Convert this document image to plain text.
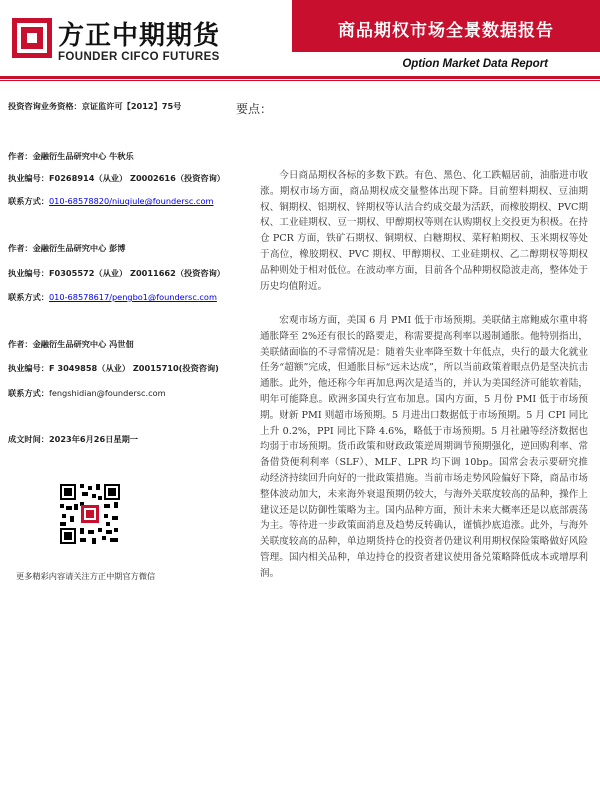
方正中期期货
FOUNDER CIFCO FUTURES
商品期权市场全景数据报告
Option Market Data Report
投资咨询业务资格：京证监许可【2012】75号
作者：金融衍生品研究中心 牛秋乐
执业编号：F0268914（从业） Z0002616（投资咨询）
联系方式：010-68578820/niuqiule@foundersc.com
作者：金融衍生品研究中心 彭博
执业编号：F0305572（从业） Z0011662（投资咨询）
联系方式：010-68578617/pengbo1@foundersc.com
作者：金融衍生品研究中心 冯世佃
执业编号：F 3049858（从业） Z0015710(投资咨询)
联系方式：fengshidian@foundersc.com
成文时间：2023年6月26日星期一
更多精彩内容请关注方正中期官方微信
要点：

今日商品期权各标的多数下跌。有色、黑色、化工跌幅居前，油脂进市收涨。期权市场方面，商品期权成交量整体出现下降。目前塑料期权、豆油期权、铜期权、铝期权、锌期权等认沽合约成交最为活跃，而橡胶期权、PVC期权、工业硅期权、豆一期权、甲醇期权等则在认购期权上交投更为积极。在持仓 PCR 方面，铁矿石期权、铜期权、白糖期权、菜籽粕期权、玉米期权等处于高位，橡胶期权、PVC 期权、甲醇期权、工业硅期权、乙二醇期权等期权品种则处于相对低位。在波动率方面，目前各个品种期权隐波走高，整体处于历史均值附近。

宏观市场方面，美国 6 月 PMI 低于市场预期。美联储主席鲍威尔重申将通胀降至 2%还有很长的路要走，称需要提高利率以遏制通胀。他特别指出，美联储面临的不寻常情况是：随着失业率降至数十年低点，央行的最大化就业任务“超额”完成，但通胀目标“远未达成”，所以当前政策着眼点仍是坚决抗击通胀。此外，他还称今年再加息两次是适当的，并认为美国经济可能软着陆，明年可能降息。欧洲多国央行宣布加息。国内方面，5 月份 PMI 低于市场预期。财新 PMI 则超市场预期。5 月进出口数据低于市场预期。5 月 CPI 同比上升 0.2%，PPI 同比下降 4.6%，略低于市场预期。5 月社融等经济数据也均弱于市场预期。货币政策和财政政策逆周期调节预期强化，逆回购利率、常备借贷便利利率（SLF）、MLF、LPR 均下调 10bp。国常会表示要研究推动经济持续回升向好的一批政策措施。当前市场走势风险偏好下降，商品市场整体波动加大，未来海外衰退预期仍较大，与海外关联度较高的品种，操作上建议还是以防御性策略为主。国内品种方面，预计未来大概率还是以底部震荡为主。等待进一步政策面消息及趋势反转确认，谨慎抄底追涨。此外，与海外关联度较高的品种，单边期货持仓的投资者仍建议利用期权保险策略做好风险管理。国内相关品种，单边持仓的投资者建议使用备兑策略降低成本或增厚利润。
